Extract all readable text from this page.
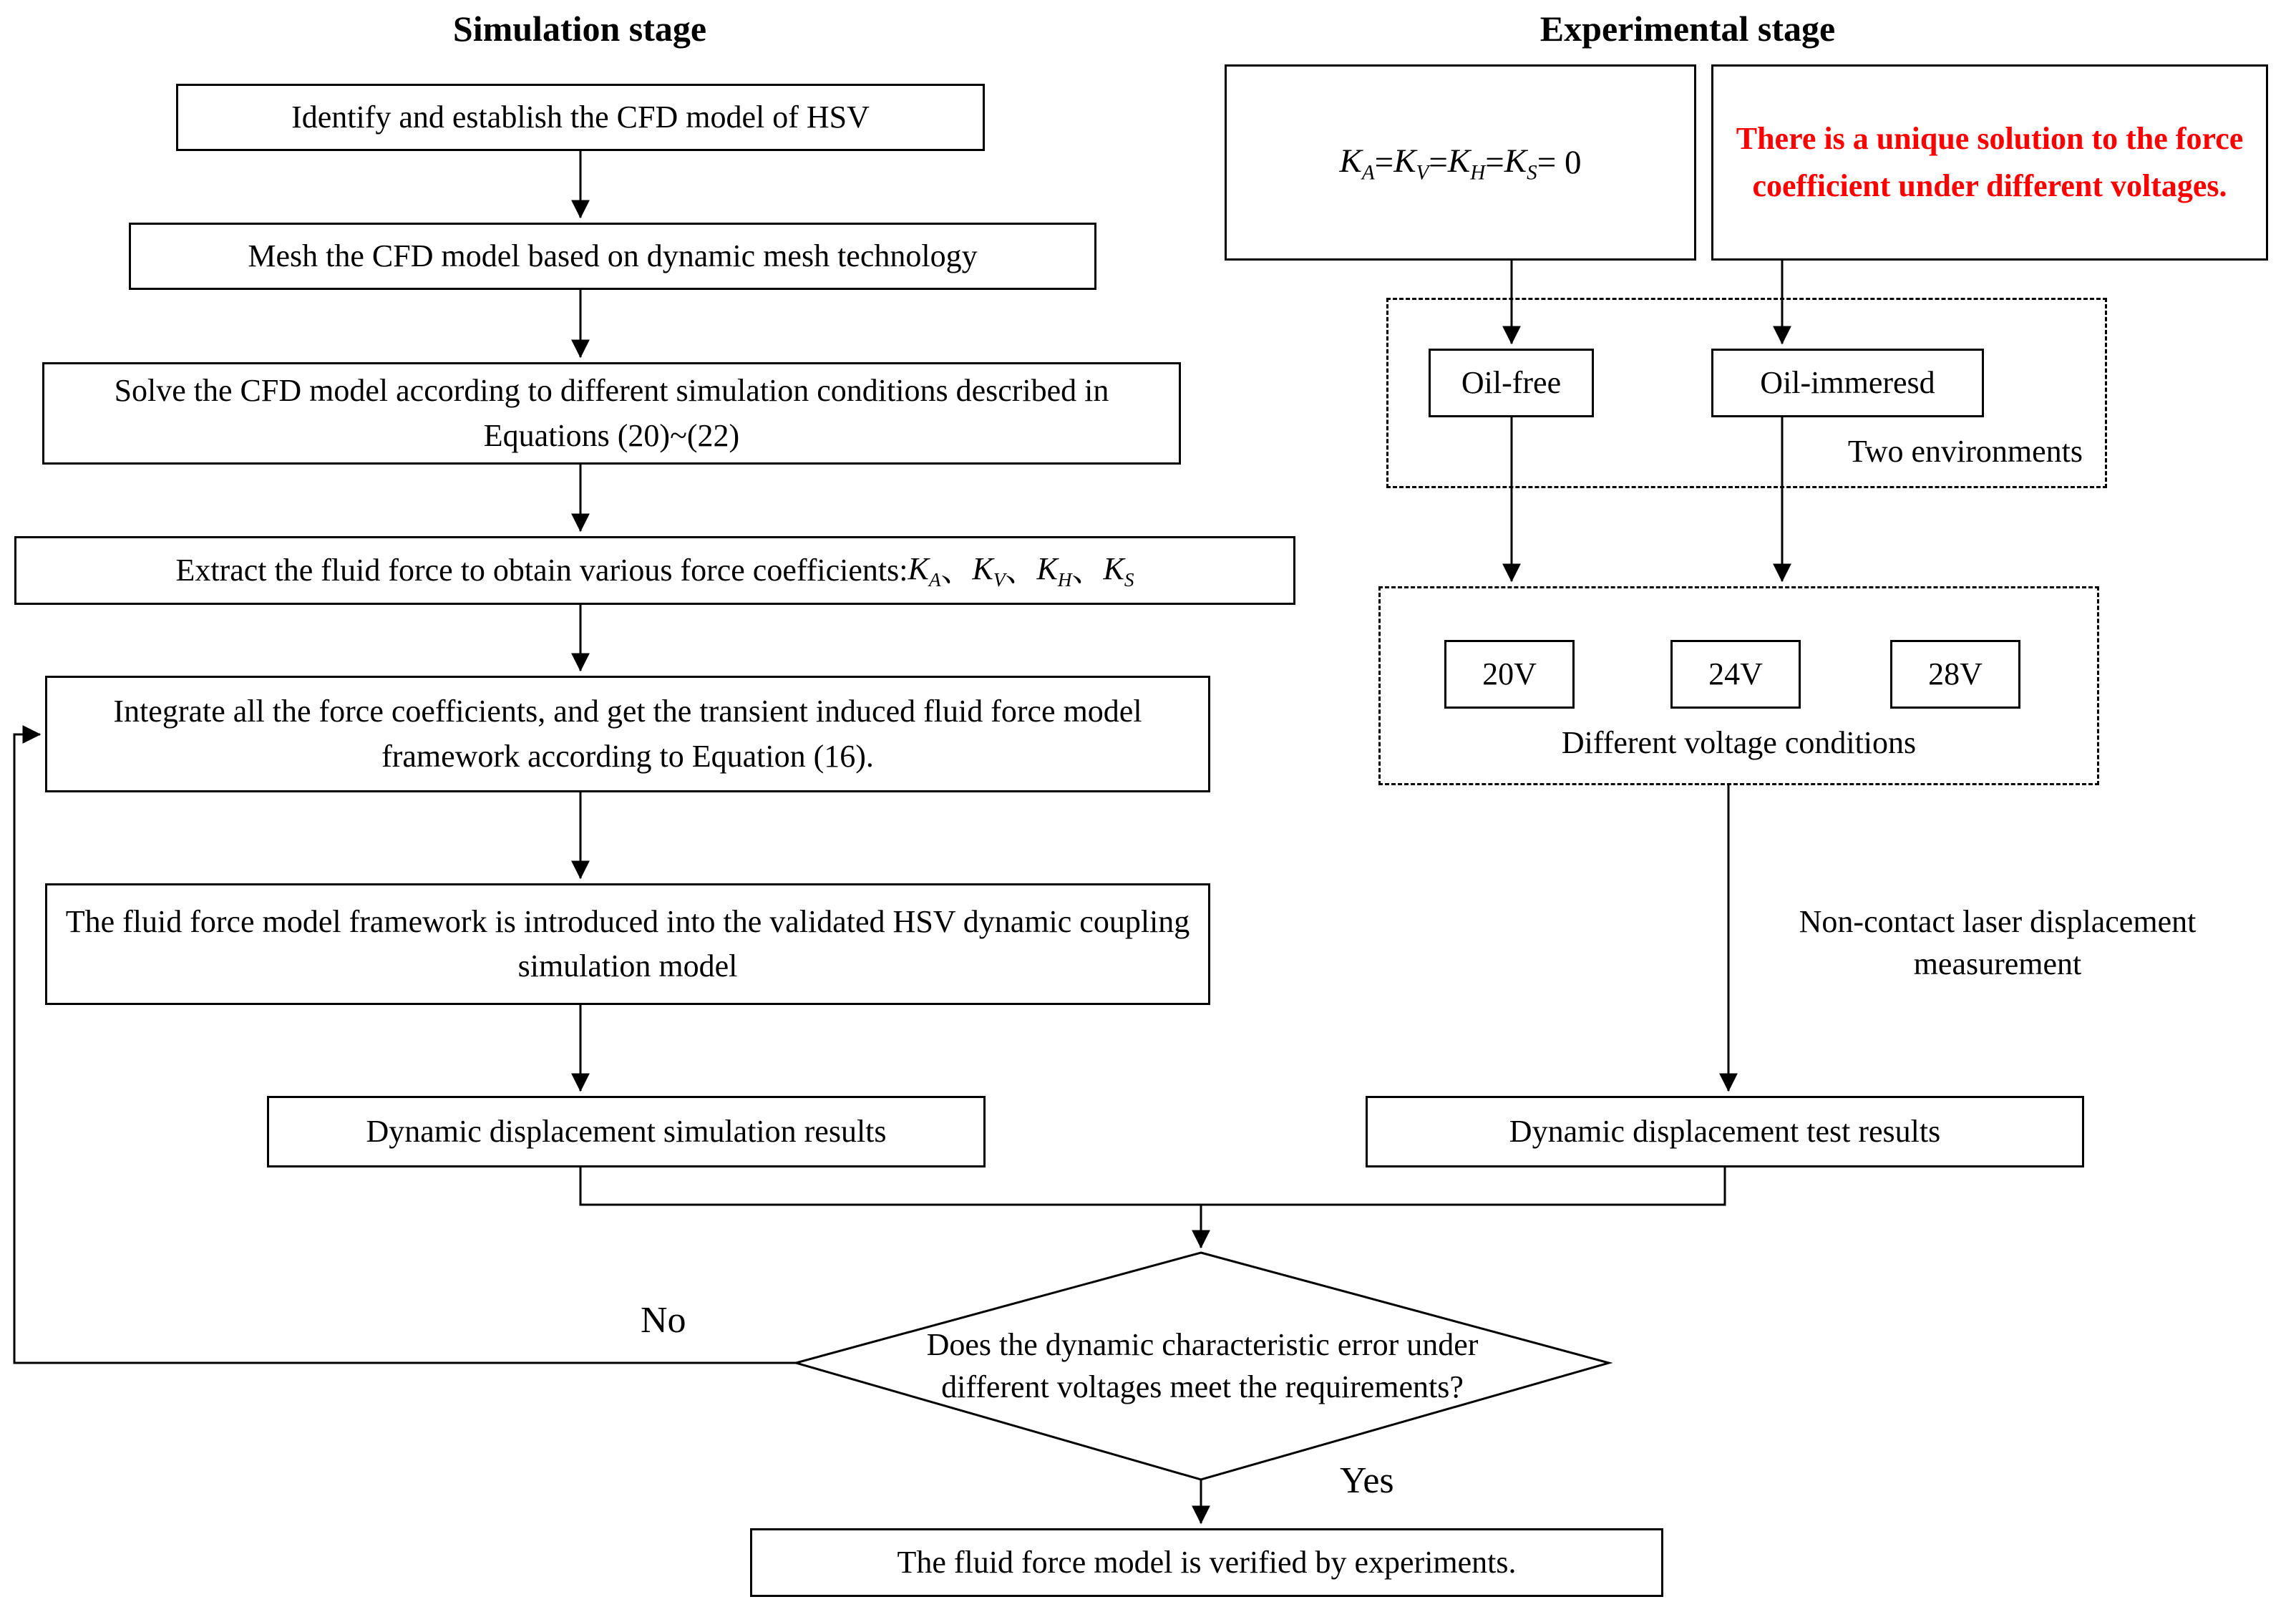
Simulation stage	Experimental stage
Identify and establish the CFD model of HSV
Mesh the CFD model based on dynamic mesh technology
Solve the CFD model according to different simulation conditions described in Equations (20)~(22)
Extract the fluid force to obtain various force coefficients: $K_A$ 、 $K_V$ 、 $K_H$ 、 $K_S$
Integrate all the force coefficients, and get the transient induced fluid force model framework according to Equation (16).
The fluid force model framework is introduced into the validated HSV dynamic coupling simulation model
Dynamic displacement simulation results
$K_A = K_V = K_H = K_S = 0$
There is a unique solution to the force coefficient under different voltages.
Oil-free	Oil-immeresd
Two environments
20V	24V	28V
Different voltage conditions
Non-contact laser displacement measurement
Dynamic displacement test results
Does the dynamic characteristic error under different voltages meet the requirements?
No
Yes
The fluid force model is verified by experiments.
